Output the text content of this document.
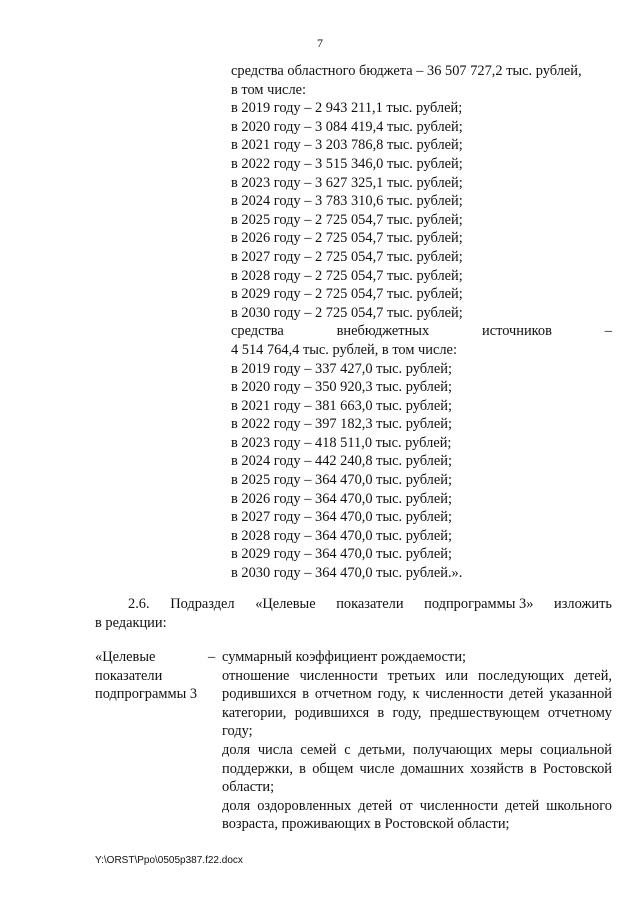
7
средства областного бюджета – 36 507 727,2 тыс. рублей,
в том числе:
в 2019 году – 2 943 211,1 тыс. рублей;
в 2020 году – 3 084 419,4 тыс. рублей;
в 2021 году – 3 203 786,8 тыс. рублей;
в 2022 году – 3 515 346,0 тыс. рублей;
в 2023 году – 3 627 325,1 тыс. рублей;
в 2024 году – 3 783 310,6 тыс. рублей;
в 2025 году – 2 725 054,7 тыс. рублей;
в 2026 году – 2 725 054,7 тыс. рублей;
в 2027 году – 2 725 054,7 тыс. рублей;
в 2028 году – 2 725 054,7 тыс. рублей;
в 2029 году – 2 725 054,7 тыс. рублей;
в 2030 году – 2 725 054,7 тыс. рублей;
средства	внебюджетных	источников	–
4 514 764,4 тыс. рублей, в том числе:
в 2019 году – 337 427,0 тыс. рублей;
в 2020 году – 350 920,3 тыс. рублей;
в 2021 году – 381 663,0 тыс. рублей;
в 2022 году – 397 182,3 тыс. рублей;
в 2023 году – 418 511,0 тыс. рублей;
в 2024 году – 442 240,8 тыс. рублей;
в 2025 году – 364 470,0 тыс. рублей;
в 2026 году – 364 470,0 тыс. рублей;
в 2027 году – 364 470,0 тыс. рублей;
в 2028 году – 364 470,0 тыс. рублей;
в 2029 году – 364 470,0 тыс. рублей;
в 2030 году – 364 470,0 тыс. рублей.».
2.6. Подраздел «Целевые показатели подпрограммы 3» изложить
в редакции:
«Целевые
показатели
подпрограммы 3
– суммарный коэффициент рождаемости;
отношение численности третьих или последующих детей, родившихся в отчетном году, к численности детей указанной категории, родившихся в году, предшествующем отчетному году;
доля числа семей с детьми, получающих меры социальной поддержки, в общем числе домашних хозяйств в Ростовской области;
доля оздоровленных детей от численности детей школьного возраста, проживающих в Ростовской области;
Y:\ORST\Ppo\0505p387.f22.docx
